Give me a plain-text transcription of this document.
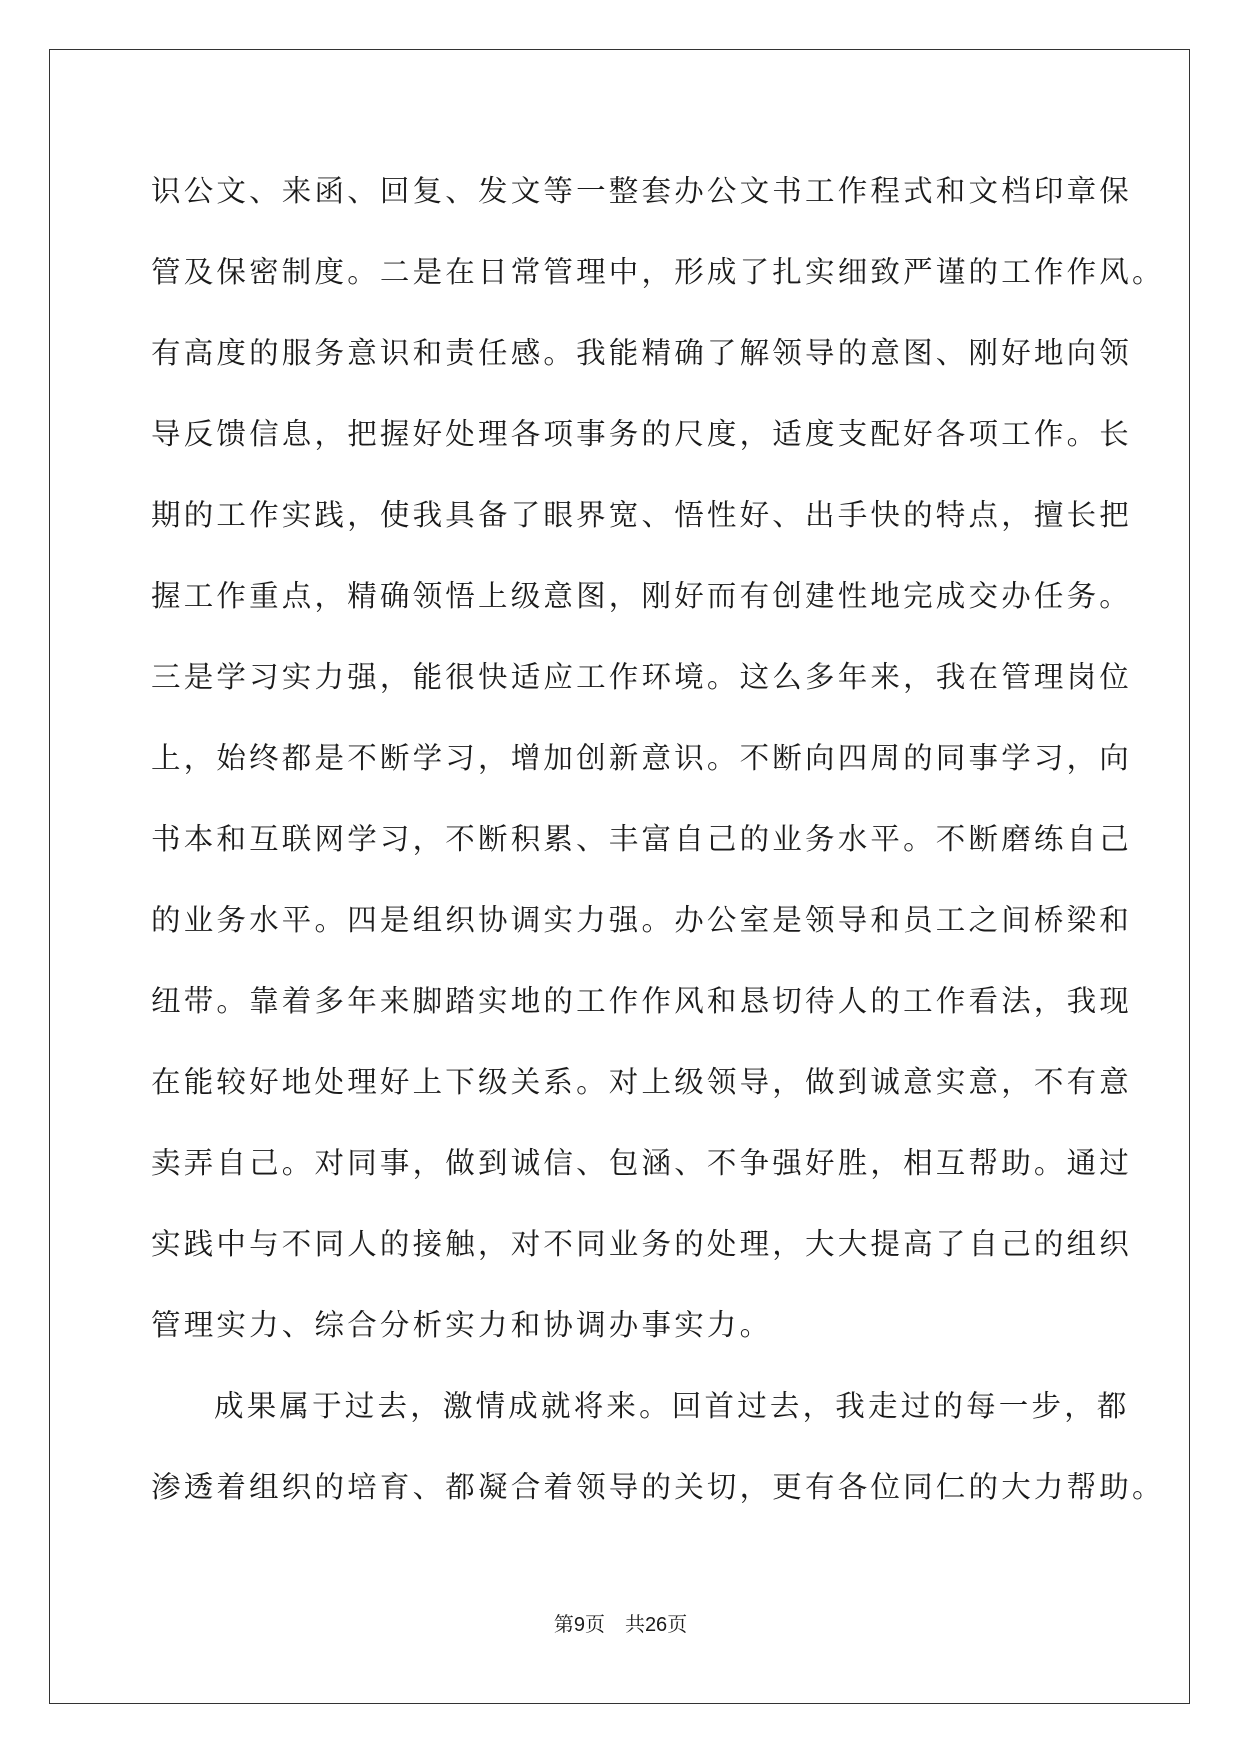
识公文、来函、回复、发文等一整套办公文书工作程式和文档印章保
管及保密制度。二是在日常管理中，形成了扎实细致严谨的工作作风。
有高度的服务意识和责任感。我能精确了解领导的意图、刚好地向领
导反馈信息，把握好处理各项事务的尺度，适度支配好各项工作。长
期的工作实践，使我具备了眼界宽、悟性好、出手快的特点，擅长把
握工作重点，精确领悟上级意图，刚好而有创建性地完成交办任务。
三是学习实力强，能很快适应工作环境。这么多年来，我在管理岗位
上，始终都是不断学习，增加创新意识。不断向四周的同事学习，向
书本和互联网学习，不断积累、丰富自己的业务水平。不断磨练自己
的业务水平。四是组织协调实力强。办公室是领导和员工之间桥梁和
纽带。靠着多年来脚踏实地的工作作风和恳切待人的工作看法，我现
在能较好地处理好上下级关系。对上级领导，做到诚意实意，不有意
卖弄自己。对同事，做到诚信、包涵、不争强好胜，相互帮助。通过
实践中与不同人的接触，对不同业务的处理，大大提高了自己的组织
管理实力、综合分析实力和协调办事实力。
成果属于过去，激情成就将来。回首过去，我走过的每一步，都
渗透着组织的培育、都凝合着领导的关切，更有各位同仁的大力帮助。
第9页 共26页
